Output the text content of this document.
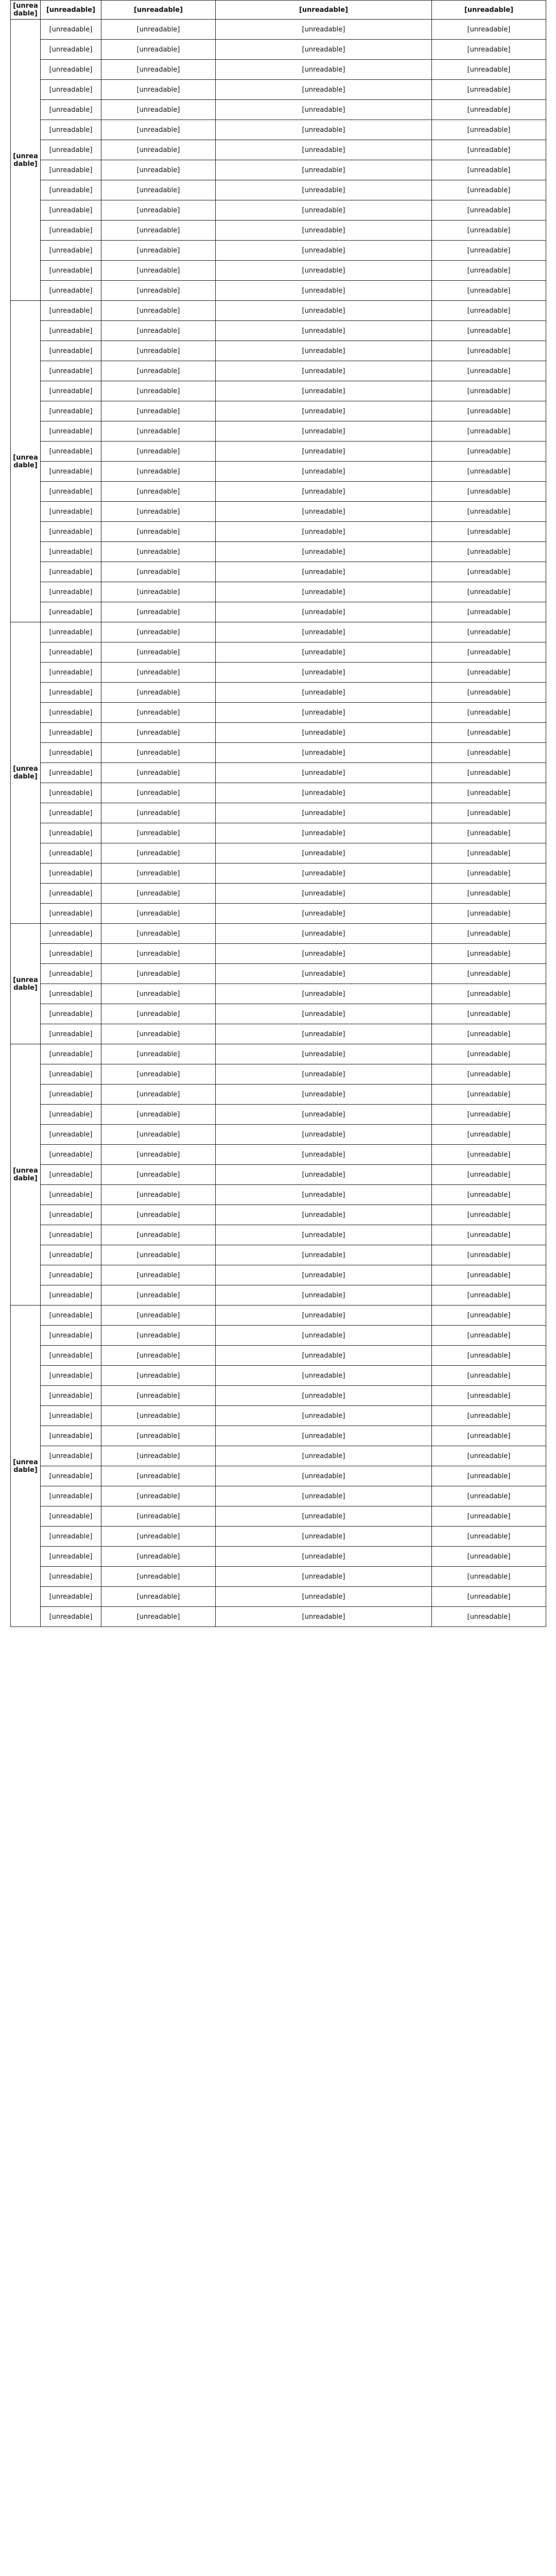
[unreadable]	[unreadable]	[unreadable]	[unreadable]	[unreadable]
[unreadable]	[unreadable]	[unreadable]	[unreadable]	[unreadable]
	[unreadable]	[unreadable]	[unreadable]	[unreadable]
	[unreadable]	[unreadable]	[unreadable]	[unreadable]
	[unreadable]	[unreadable]	[unreadable]	[unreadable]
	[unreadable]	[unreadable]	[unreadable]	[unreadable]
	[unreadable]	[unreadable]	[unreadable]	[unreadable]
	[unreadable]	[unreadable]	[unreadable]	[unreadable]
	[unreadable]	[unreadable]	[unreadable]	[unreadable]
	[unreadable]	[unreadable]	[unreadable]	[unreadable]
	[unreadable]	[unreadable]	[unreadable]	[unreadable]
	[unreadable]	[unreadable]	[unreadable]	[unreadable]
	[unreadable]	[unreadable]	[unreadable]	[unreadable]
	[unreadable]	[unreadable]	[unreadable]	[unreadable]
	[unreadable]	[unreadable]	[unreadable]	[unreadable]
[unreadable]	[unreadable]	[unreadable]	[unreadable]	[unreadable]
	[unreadable]	[unreadable]	[unreadable]	[unreadable]
	[unreadable]	[unreadable]	[unreadable]	[unreadable]
	[unreadable]	[unreadable]	[unreadable]	[unreadable]
	[unreadable]	[unreadable]	[unreadable]	[unreadable]
	[unreadable]	[unreadable]	[unreadable]	[unreadable]
	[unreadable]	[unreadable]	[unreadable]	[unreadable]
	[unreadable]	[unreadable]	[unreadable]	[unreadable]
	[unreadable]	[unreadable]	[unreadable]	[unreadable]
	[unreadable]	[unreadable]	[unreadable]	[unreadable]
	[unreadable]	[unreadable]	[unreadable]	[unreadable]
	[unreadable]	[unreadable]	[unreadable]	[unreadable]
	[unreadable]	[unreadable]	[unreadable]	[unreadable]
	[unreadable]	[unreadable]	[unreadable]	[unreadable]
	[unreadable]	[unreadable]	[unreadable]	[unreadable]
	[unreadable]	[unreadable]	[unreadable]	[unreadable]
[unreadable]	[unreadable]	[unreadable]	[unreadable]	[unreadable]
	[unreadable]	[unreadable]	[unreadable]	[unreadable]
	[unreadable]	[unreadable]	[unreadable]	[unreadable]
	[unreadable]	[unreadable]	[unreadable]	[unreadable]
	[unreadable]	[unreadable]	[unreadable]	[unreadable]
	[unreadable]	[unreadable]	[unreadable]	[unreadable]
	[unreadable]	[unreadable]	[unreadable]	[unreadable]
	[unreadable]	[unreadable]	[unreadable]	[unreadable]
	[unreadable]	[unreadable]	[unreadable]	[unreadable]
	[unreadable]	[unreadable]	[unreadable]	[unreadable]
	[unreadable]	[unreadable]	[unreadable]	[unreadable]
	[unreadable]	[unreadable]	[unreadable]	[unreadable]
	[unreadable]	[unreadable]	[unreadable]	[unreadable]
	[unreadable]	[unreadable]	[unreadable]	[unreadable]
	[unreadable]	[unreadable]	[unreadable]	[unreadable]
[unreadable]	[unreadable]	[unreadable]	[unreadable]	[unreadable]
	[unreadable]	[unreadable]	[unreadable]	[unreadable]
	[unreadable]	[unreadable]	[unreadable]	[unreadable]
	[unreadable]	[unreadable]	[unreadable]	[unreadable]
	[unreadable]	[unreadable]	[unreadable]	[unreadable]
	[unreadable]	[unreadable]	[unreadable]	[unreadable]
[unreadable]	[unreadable]	[unreadable]	[unreadable]	[unreadable]
	[unreadable]	[unreadable]	[unreadable]	[unreadable]
	[unreadable]	[unreadable]	[unreadable]	[unreadable]
	[unreadable]	[unreadable]	[unreadable]	[unreadable]
	[unreadable]	[unreadable]	[unreadable]	[unreadable]
	[unreadable]	[unreadable]	[unreadable]	[unreadable]
	[unreadable]	[unreadable]	[unreadable]	[unreadable]
	[unreadable]	[unreadable]	[unreadable]	[unreadable]
	[unreadable]	[unreadable]	[unreadable]	[unreadable]
	[unreadable]	[unreadable]	[unreadable]	[unreadable]
	[unreadable]	[unreadable]	[unreadable]	[unreadable]
	[unreadable]	[unreadable]	[unreadable]	[unreadable]
	[unreadable]	[unreadable]	[unreadable]	[unreadable]
[unreadable]	[unreadable]	[unreadable]	[unreadable]	[unreadable]
	[unreadable]	[unreadable]	[unreadable]	[unreadable]
	[unreadable]	[unreadable]	[unreadable]	[unreadable]
	[unreadable]	[unreadable]	[unreadable]	[unreadable]
	[unreadable]	[unreadable]	[unreadable]	[unreadable]
	[unreadable]	[unreadable]	[unreadable]	[unreadable]
	[unreadable]	[unreadable]	[unreadable]	[unreadable]
	[unreadable]	[unreadable]	[unreadable]	[unreadable]
	[unreadable]	[unreadable]	[unreadable]	[unreadable]
	[unreadable]	[unreadable]	[unreadable]	[unreadable]
	[unreadable]	[unreadable]	[unreadable]	[unreadable]
	[unreadable]	[unreadable]	[unreadable]	[unreadable]
	[unreadable]	[unreadable]	[unreadable]	[unreadable]
	[unreadable]	[unreadable]	[unreadable]	[unreadable]
	[unreadable]	[unreadable]	[unreadable]	[unreadable]
	[unreadable]	[unreadable]	[unreadable]	[unreadable]
